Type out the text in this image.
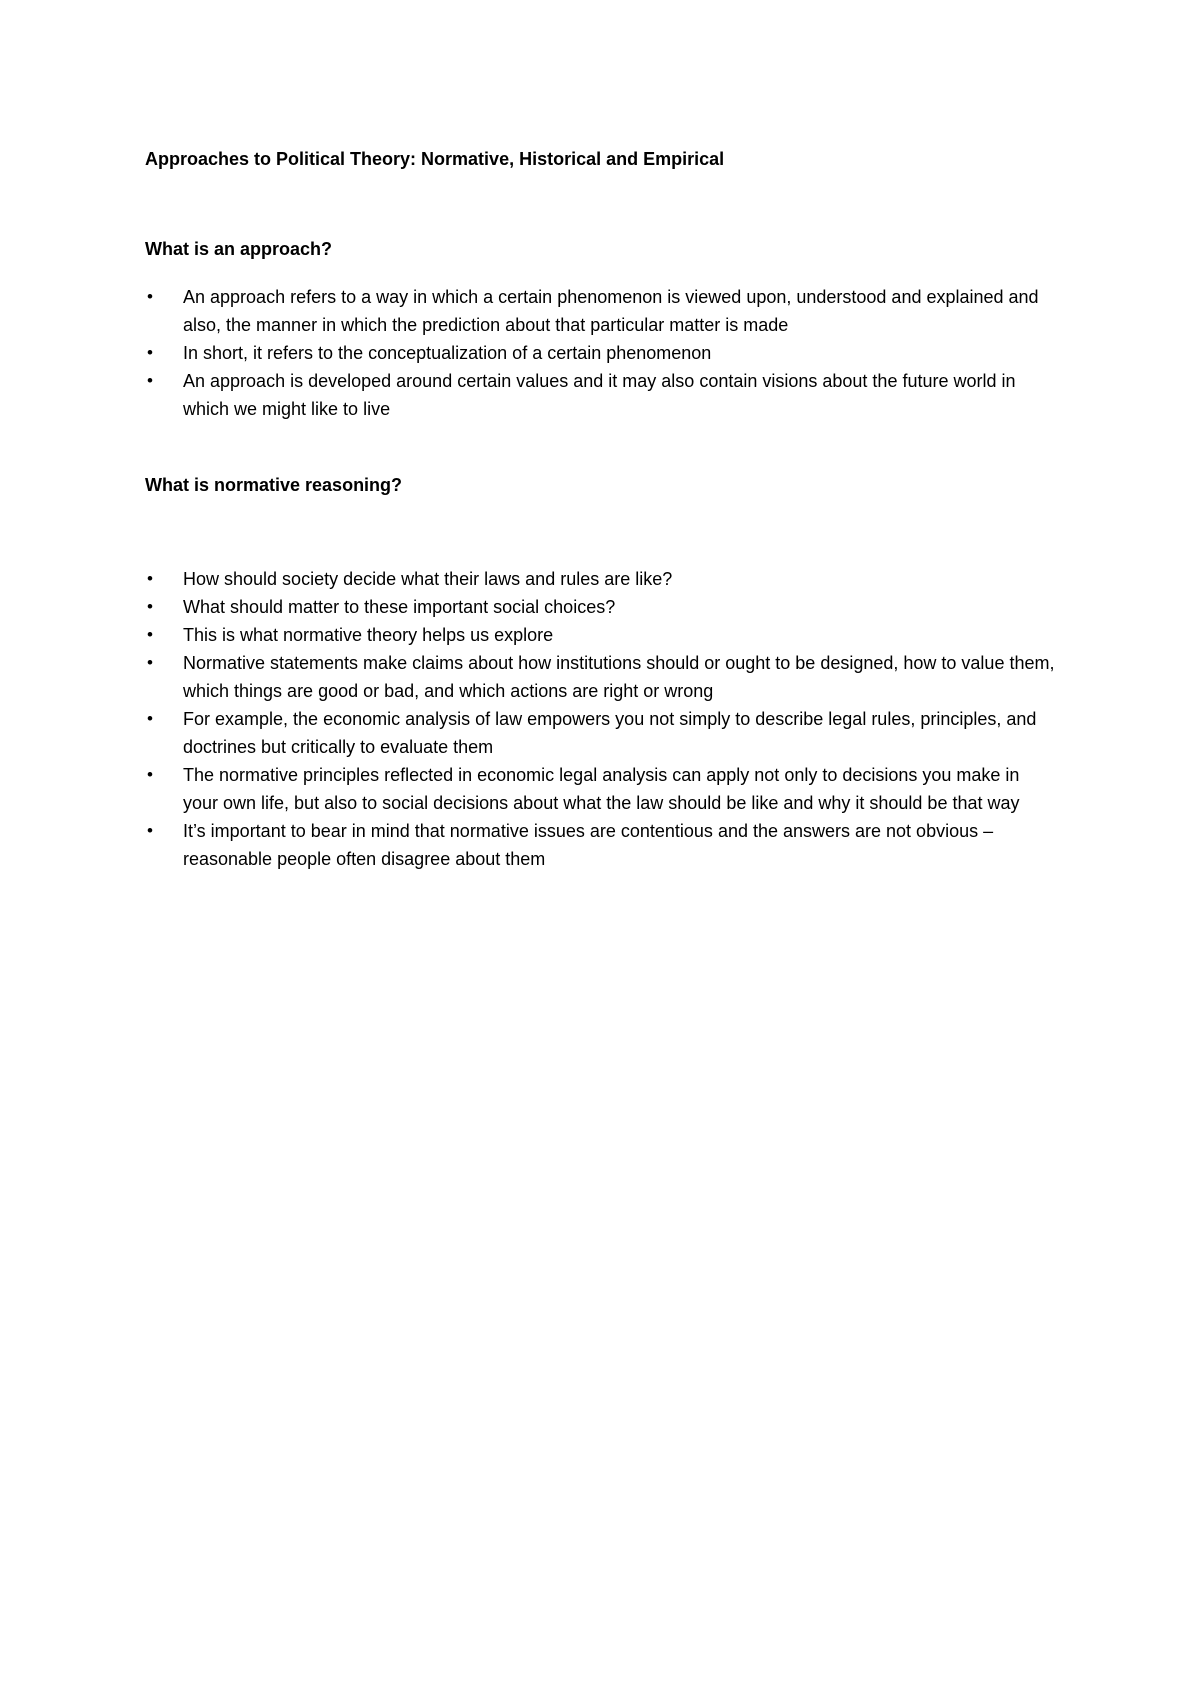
Approaches to Political Theory: Normative, Historical and Empirical

What is an approach?

• An approach refers to a way in which a certain phenomenon is viewed upon, understood and explained and also, the manner in which the prediction about that particular matter is made
• In short, it refers to the conceptualization of a certain phenomenon
• An approach is developed around certain values and it may also contain visions about the future world in which we might like to live

What is normative reasoning?

• How should society decide what their laws and rules are like?
• What should matter to these important social choices?
• This is what normative theory helps us explore
• Normative statements make claims about how institutions should or ought to be designed, how to value them, which things are good or bad, and which actions are right or wrong
• For example, the economic analysis of law empowers you not simply to describe legal rules, principles, and doctrines but critically to evaluate them
• The normative principles reflected in economic legal analysis can apply not only to decisions you make in your own life, but also to social decisions about what the law should be like and why it should be that way
• It’s important to bear in mind that normative issues are contentious and the answers are not obvious – reasonable people often disagree about them
